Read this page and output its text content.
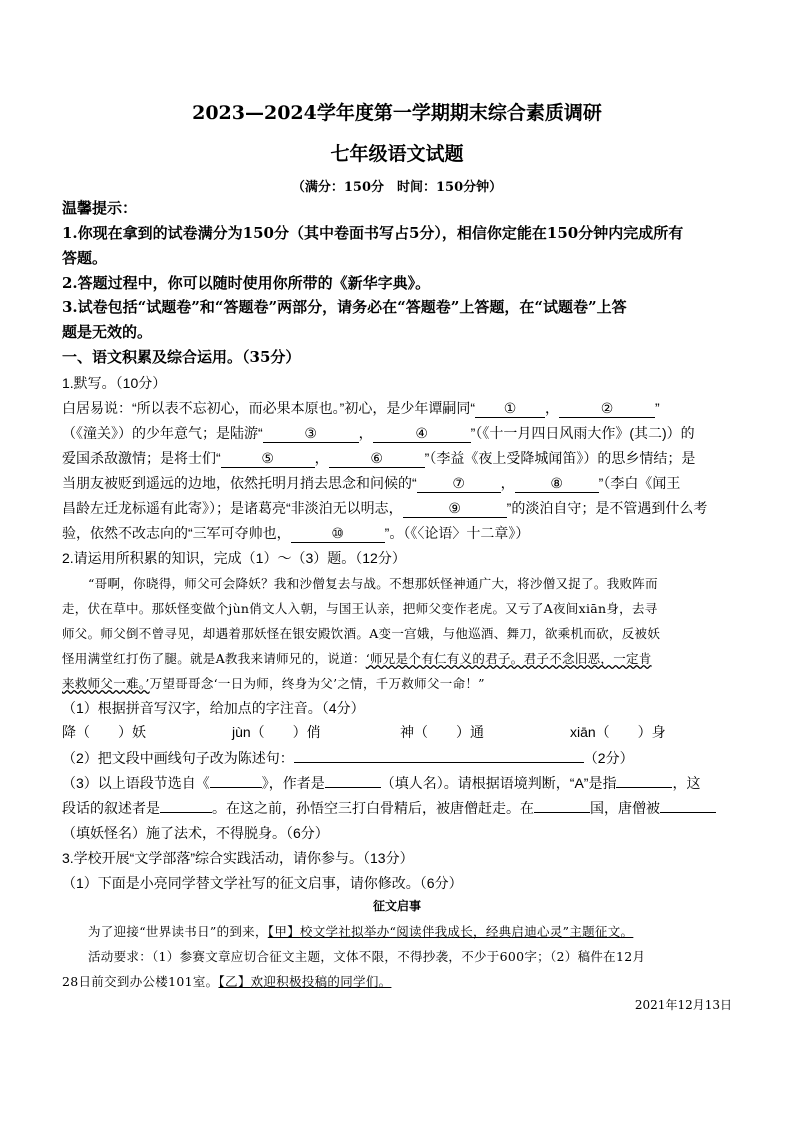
2023—2024学年度第一学期期末综合素质调研
七年级语文试题
（满分：150分　时间：150分钟）
温馨提示：
1.你现在拿到的试卷满分为150分（其中卷面书写占5分），相信你定能在150分钟内完成所有
答题。
2.答题过程中，你可以随时使用你所带的《新华字典》。
3.试卷包括“试题卷”和“答题卷”两部分，请务必在“答题卷”上答题，在“试题卷”上答
题是无效的。
一、语文积累及综合运用。（35分）
1.默写。（10分）
白居易说：“所以表不忘初心，而必果本原也。”初心，是少年谭嗣同“ ① ，	②	”
（《潼关》）的少年意气；是陆游“	③	，	④	”（《十一月四日风雨大作》(其二)）的
爱国杀敌激情；是将士们“	⑤	，	⑥	”（李益《夜上受降城闻笛》）的思乡情结；是
当朋友被贬到遥远的边地，依然托明月捎去思念和问候的“	⑦	，	⑧	”（李白《闻王
昌龄左迁龙标遥有此寄》）；是诸葛亮“非淡泊无以明志，	⑨	”的淡泊自守；是不管遇到什么考
验，依然不改志向的“三军可夺帅也，	⑩	”。（《〈论语〉十二章》）
2.请运用所积累的知识，完成（1）～（3）题。（12分）
“哥啊，你晓得，师父可会降妖？我和沙僧复去与战。不想那妖怪神通广大，将沙僧又捉了。我败阵而
走，伏在草中。那妖怪变做个jùn俏文人入朝，与国王认亲，把师父变作老虎。又亏了A夜间xiān身，去寻
师父。师父倒不曾寻见，却遇着那妖怪在银安殿饮酒。A变一宫娥，与他巡酒、舞刀，欲乘机而砍，反被妖
怪用满堂红打伤了腿。就是A教我来请师兄的，说道：‘师兄是个有仁有义的君子。君子不念旧恶，一定肯
来救师父一难。’万望哥哥念‘一日为师，终身为父’之情，千万救师父一命！”
（1）根据拼音写汉字，给加点的字注音。（4分）
降（　　）妖	jùn（　　）俏	神（　　）通	xiān（　　）身
（2）把文段中画线句子改为陈述句：	（2分）
（3）以上语段节选自《	》，作者是	（填人名）。请根据语境判断，“A”是指	，这
段话的叙述者是	。在这之前，孙悟空三打白骨精后，被唐僧赶走。在	国，唐僧被
（填妖怪名）施了法术，不得脱身。（6分）
3.学校开展“文学部落”综合实践活动，请你参与。（13分）
（1）下面是小亮同学替文学社写的征文启事，请你修改。（6分）
征文启事
为了迎接“世界读书日”的到来，【甲】校文学社拟举办“阅读伴我成长，经典启迪心灵”主题征文。
活动要求：（1）参赛文章应切合征文主题，文体不限，不得抄袭，不少于600字；（2）稿件在12月
28日前交到办公楼101室。【乙】欢迎积极投稿的同学们。
2021年12月13日
